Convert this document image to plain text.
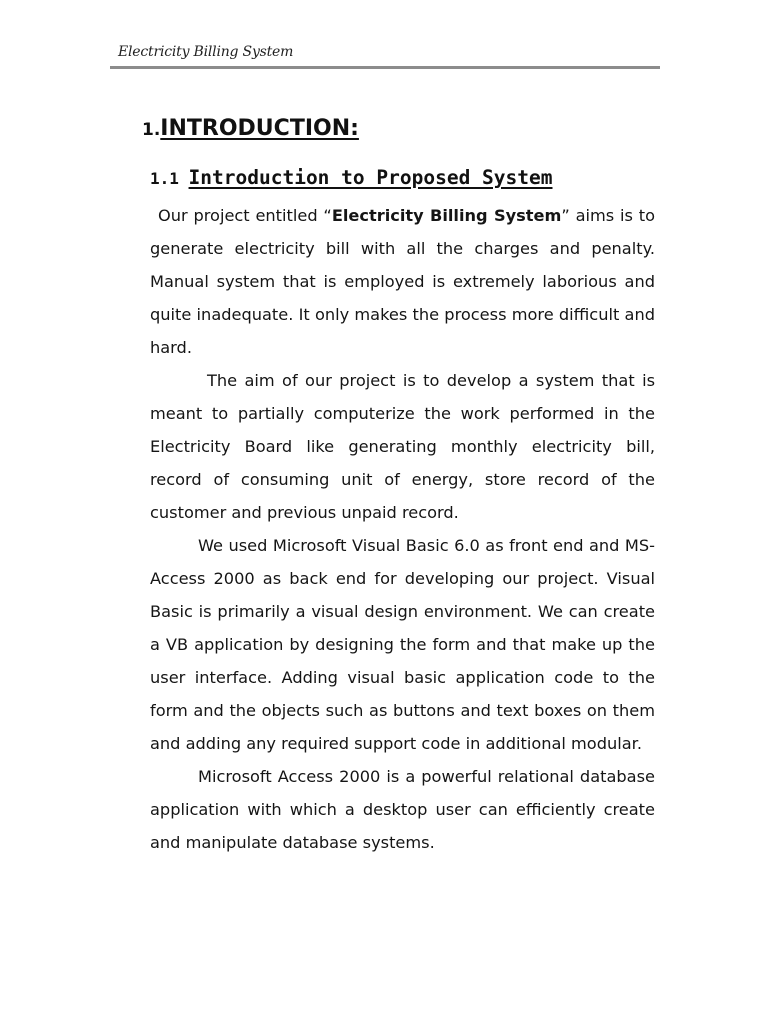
Electricity Billing System
1.INTRODUCTION:
1.1 Introduction to Proposed System

Our project entitled “Electricity Billing System” aims is to generate electricity bill with all the charges and penalty. Manual system that is employed is extremely laborious and quite inadequate. It only makes the process more difficult and hard.

The aim of our project is to develop a system that is meant to partially computerize the work performed in the Electricity Board like generating monthly electricity bill, record of consuming unit of energy, store record of the customer and previous unpaid record.

We used Microsoft Visual Basic 6.0 as front end and MS-Access 2000 as back end for developing our project. Visual Basic is primarily a visual design environment. We can create a VB application by designing the form and that make up the user interface. Adding visual basic application code to the form and the objects such as buttons and text boxes on them and adding any required support code in additional modular.

Microsoft Access 2000 is a powerful relational database application with which a desktop user can efficiently create and manipulate database systems.
